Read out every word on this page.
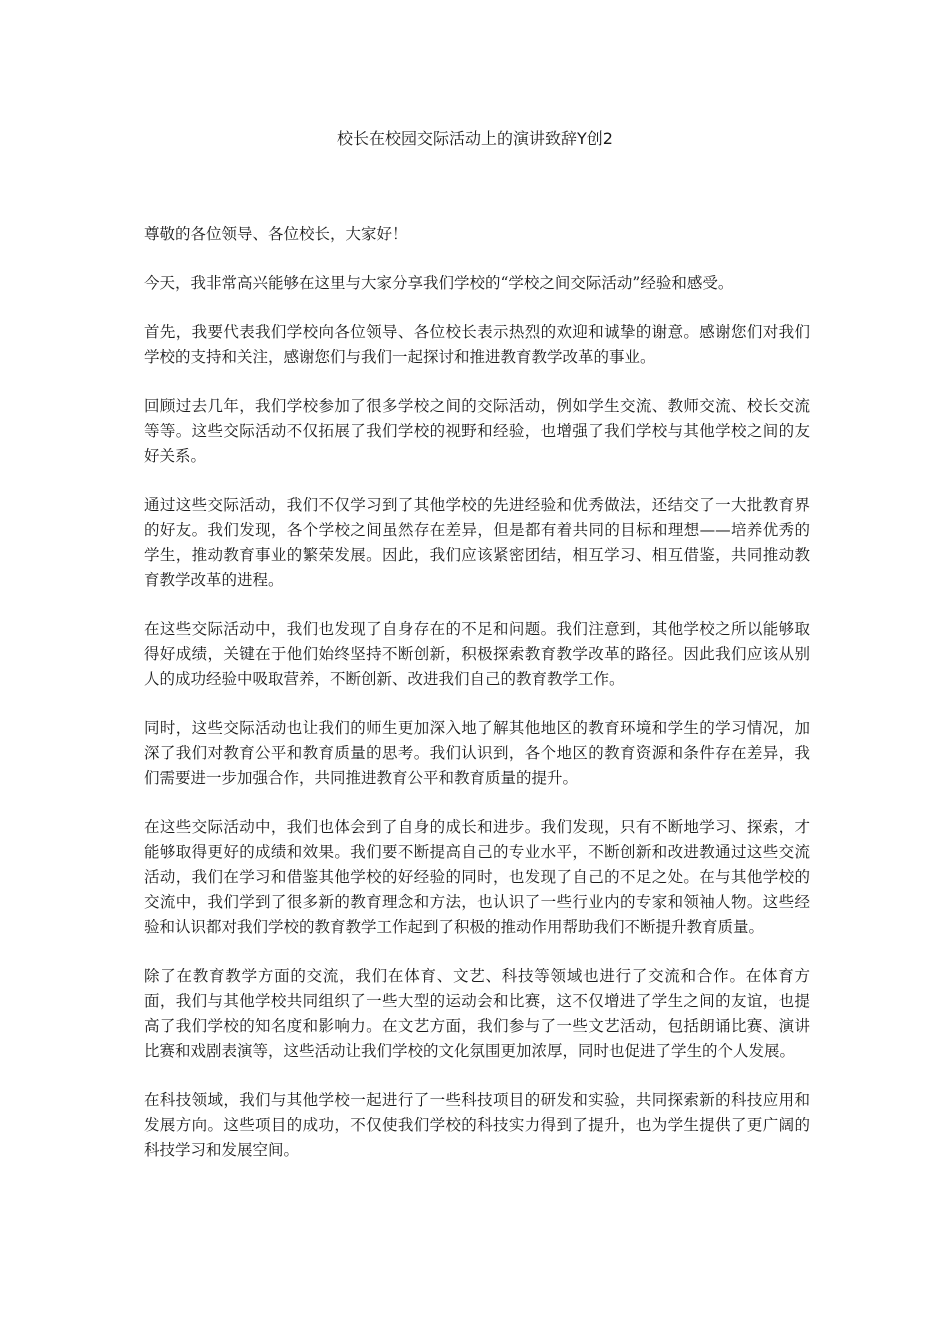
校长在校园交际活动上的演讲致辞Y创2

尊敬的各位领导、各位校长，大家好！

今天，我非常高兴能够在这里与大家分享我们学校的“学校之间交际活动”经验和感受。

首先，我要代表我们学校向各位领导、各位校长表示热烈的欢迎和诚挚的谢意。感谢您们对我们学校的支持和关注，感谢您们与我们一起探讨和推进教育教学改革的事业。

回顾过去几年，我们学校参加了很多学校之间的交际活动，例如学生交流、教师交流、校长交流等等。这些交际活动不仅拓展了我们学校的视野和经验，也增强了我们学校与其他学校之间的友好关系。

通过这些交际活动，我们不仅学习到了其他学校的先进经验和优秀做法，还结交了一大批教育界的好友。我们发现，各个学校之间虽然存在差异，但是都有着共同的目标和理想——培养优秀的学生，推动教育事业的繁荣发展。因此，我们应该紧密团结，相互学习、相互借鉴，共同推动教育教学改革的进程。

在这些交际活动中，我们也发现了自身存在的不足和问题。我们注意到，其他学校之所以能够取得好成绩，关键在于他们始终坚持不断创新，积极探索教育教学改革的路径。因此我们应该从别人的成功经验中吸取营养，不断创新、改进我们自己的教育教学工作。

同时，这些交际活动也让我们的师生更加深入地了解其他地区的教育环境和学生的学习情况，加深了我们对教育公平和教育质量的思考。我们认识到，各个地区的教育资源和条件存在差异，我们需要进一步加强合作，共同推进教育公平和教育质量的提升。

在这些交际活动中，我们也体会到了自身的成长和进步。我们发现，只有不断地学习、探索，才能够取得更好的成绩和效果。我们要不断提高自己的专业水平，不断创新和改进教通过这些交流活动，我们在学习和借鉴其他学校的好经验的同时，也发现了自己的不足之处。在与其他学校的交流中，我们学到了很多新的教育理念和方法，也认识了一些行业内的专家和领袖人物。这些经验和认识都对我们学校的教育教学工作起到了积极的推动作用帮助我们不断提升教育质量。

除了在教育教学方面的交流，我们在体育、文艺、科技等领域也进行了交流和合作。在体育方面，我们与其他学校共同组织了一些大型的运动会和比赛，这不仅增进了学生之间的友谊，也提高了我们学校的知名度和影响力。在文艺方面，我们参与了一些文艺活动，包括朗诵比赛、演讲比赛和戏剧表演等，这些活动让我们学校的文化氛围更加浓厚，同时也促进了学生的个人发展。

在科技领域，我们与其他学校一起进行了一些科技项目的研发和实验，共同探索新的科技应用和发展方向。这些项目的成功，不仅使我们学校的科技实力得到了提升，也为学生提供了更广阔的科技学习和发展空间。
